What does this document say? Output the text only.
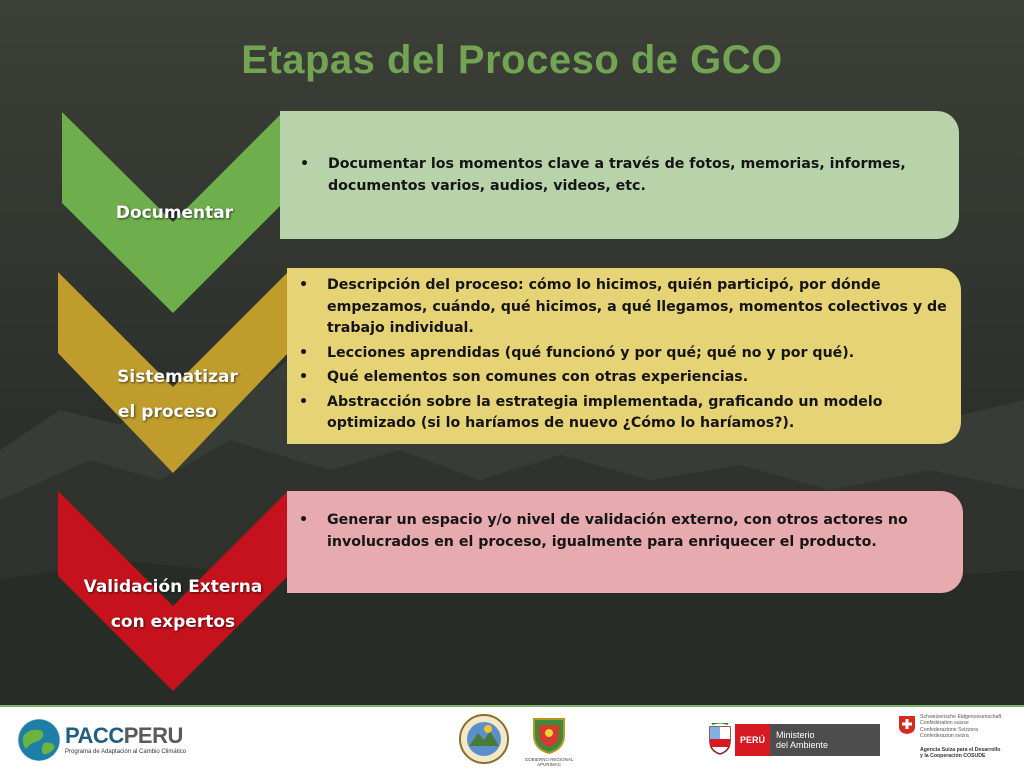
Etapas del Proceso de GCO
Documentar
Sistematizar
el proceso
Validación Externa
con expertos
• Documentar los momentos clave a través de fotos, memorias, informes, documentos varios, audios, videos, etc.
• Descripción del proceso: cómo lo hicimos, quién participó, por dónde empezamos, cuándo, qué hicimos, a qué llegamos, momentos colectivos y de trabajo individual.
• Lecciones aprendidas (qué funcionó y por qué; qué no y por qué).
• Qué elementos son comunes con otras experiencias.
• Abstracción sobre la estrategia implementada, graficando un modelo optimizado (si lo haríamos de nuevo ¿Cómo lo haríamos?).
• Generar un espacio y/o nivel de validación externo, con otros actores no involucrados en el proceso, igualmente para enriquecer el producto.
PACCPERU
Programa de Adaptación al Cambio Climático
GOBIERNO REGIONAL APURIMAC
PERÚ	Ministerio
del Ambiente
Schweizerische Eidgenossenschaft
Confédération suisse
Confederazione Svizzera
Confederaziun svizra
Agencia Suiza para el Desarrollo
y la Cooperación COSUDE
